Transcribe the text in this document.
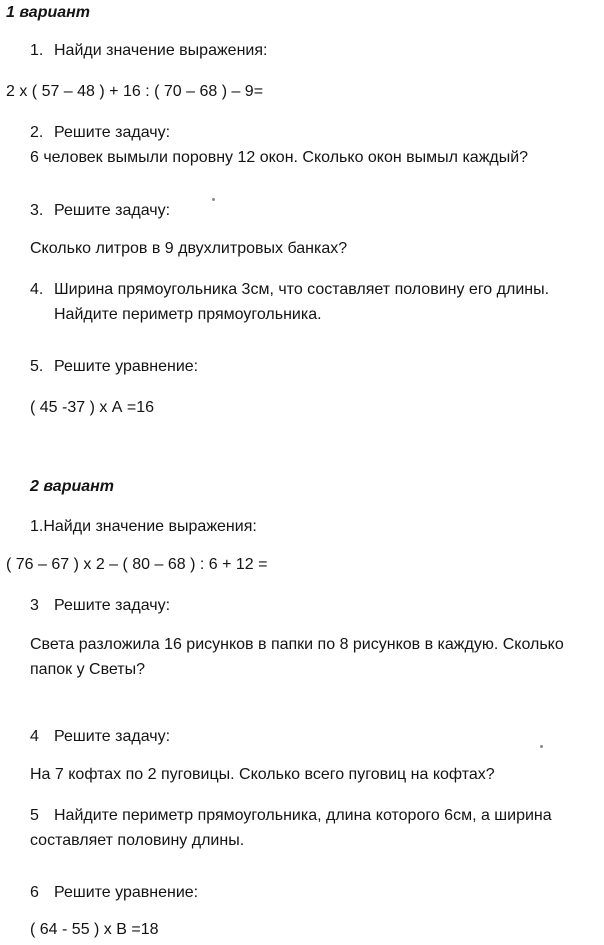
1 вариант
1. Найди значение выражения:
2 x ( 57 – 48 ) + 16 : ( 70 – 68 ) – 9=
2. Решите задачу:
6 человек вымыли поровну 12 окон. Сколько окон вымыл каждый?
3. Решите задачу:
Сколько литров в 9 двухлитровых банках?
4. Ширина прямоугольника 3см, что составляет половину его длины.
Найдите периметр прямоугольника.
5. Решите уравнение:
( 45 -37 ) х А =16
2 вариант
1.Найди значение выражения:
( 76 – 67 ) х 2 – ( 80 – 68 ) : 6 + 12 =
3 Решите задачу:
Света разложила 16 рисунков в папки по 8 рисунков в каждую. Сколько
папок у Светы?
4 Решите задачу:
На 7 кофтах по 2 пуговицы. Сколько всего пуговиц на кофтах?
5 Найдите периметр прямоугольника, длина которого 6см, а ширина
составляет половину длины.
6 Решите уравнение:
( 64 - 55 ) х В =18
